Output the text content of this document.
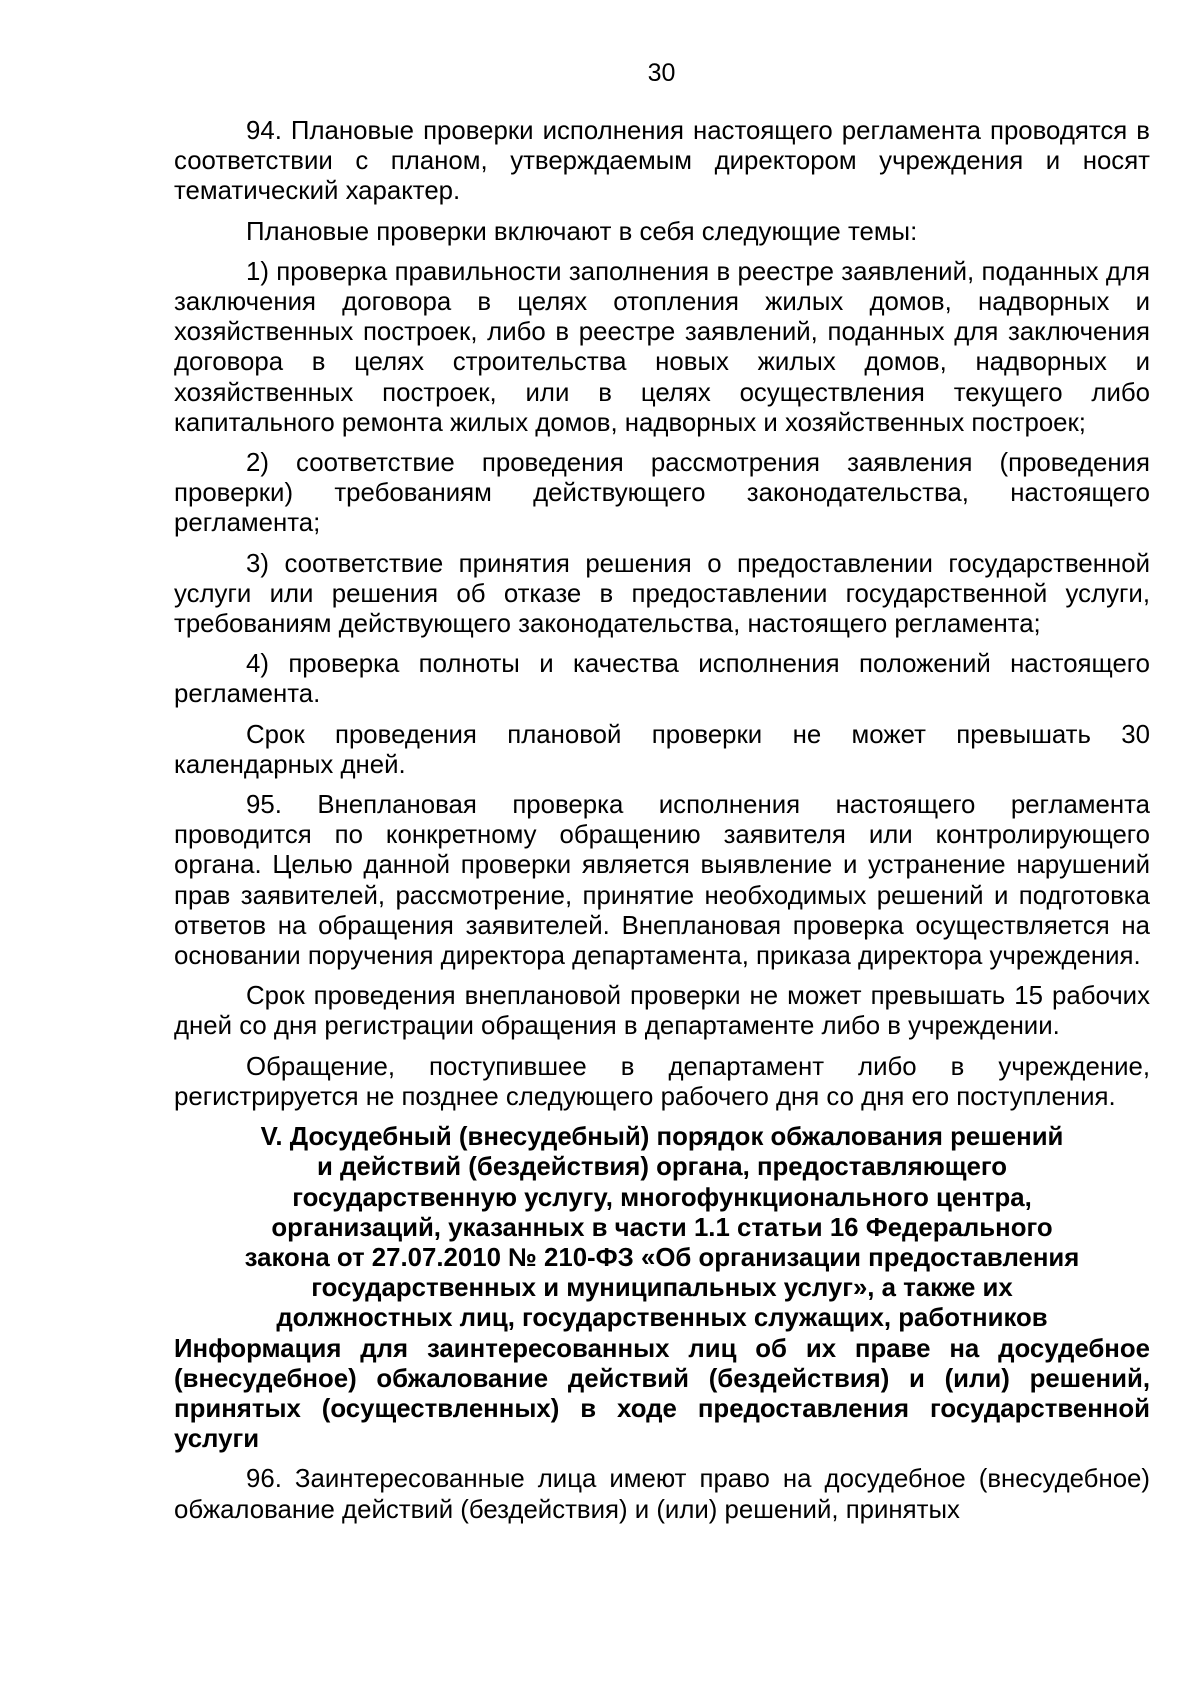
30

94. Плановые проверки исполнения настоящего регламента проводятся в соответствии с планом, утверждаемым директором учреждения и носят тематический характер.

Плановые проверки включают в себя следующие темы:

1) проверка правильности заполнения в реестре заявлений, поданных для заключения договора в целях отопления жилых домов, надворных и хозяйственных построек, либо в реестре заявлений, поданных для заключения договора в целях строительства новых жилых домов, надворных и хозяйственных построек, или в целях осуществления текущего либо капитального ремонта жилых домов, надворных и хозяйственных построек;

2) соответствие проведения рассмотрения заявления (проведения проверки) требованиям действующего законодательства, настоящего регламента;

3) соответствие принятия решения о предоставлении государственной услуги или решения об отказе в предоставлении государственной услуги, требованиям действующего законодательства, настоящего регламента;

4) проверка полноты и качества исполнения положений настоящего регламента.

Срок проведения плановой проверки не может превышать 30 календарных дней.

95. Внеплановая проверка исполнения настоящего регламента проводится по конкретному обращению заявителя или контролирующего органа. Целью данной проверки является выявление и устранение нарушений прав заявителей, рассмотрение, принятие необходимых решений и подготовка ответов на обращения заявителей. Внеплановая проверка осуществляется на основании поручения директора департамента, приказа директора учреждения.

Срок проведения внеплановой проверки не может превышать 15 рабочих дней со дня регистрации обращения в департаменте либо в учреждении.

Обращение, поступившее в департамент либо в учреждение, регистрируется не позднее следующего рабочего дня со дня его поступления.

V. Досудебный (внесудебный) порядок обжалования решений
и действий (бездействия) органа, предоставляющего
государственную услугу, многофункционального центра,
организаций, указанных в части 1.1 статьи 16 Федерального
закона от 27.07.2010 № 210-ФЗ «Об организации предоставления
государственных и муниципальных услуг», а также их
должностных лиц, государственных служащих, работников

Информация для заинтересованных лиц об их праве на досудебное (внесудебное) обжалование действий (бездействия) и (или) решений, принятых (осуществленных) в ходе предоставления государственной услуги

96. Заинтересованные лица имеют право на досудебное (внесудебное) обжалование действий (бездействия) и (или) решений, принятых
